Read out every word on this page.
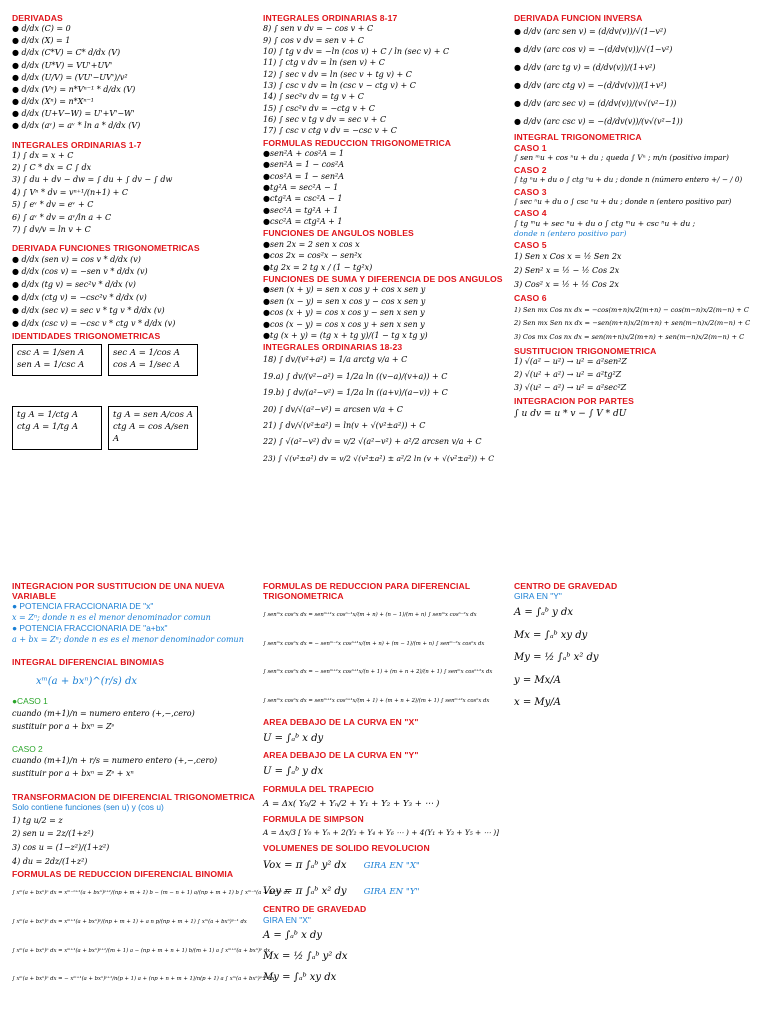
DERIVADAS
● d/dx (C) = 0
● d/dx (X) = 1
● d/dx (C*V) = C* d/dx (V)
● d/dx (U*V) = VU'+UV'
● d/dx (U/V) = (VU'−UV')/v²
● d/dx (Vⁿ) = n*Vⁿ⁻¹ * d/dx (V)
● d/dx (Xⁿ) = n*Xⁿ⁻¹
● d/dx (U+V−W) = U'+V'−W'
● d/dx (aᵛ) = aᵛ * ln a * d/dx (V)
INTEGRALES ORDINARIAS 1-7
1) ∫ dx = x + C
2) ∫ C * dx = C ∫ dx
3) ∫ du + dv − dw = ∫ du + ∫ dv − ∫ dw
4) ∫ Vⁿ * dv = vⁿ⁺¹/(n+1) + C
5) ∫ eᵛ * dv = eᵛ + C
6) ∫ aᵛ * dv = aᵛ/ln a + C
7) ∫ dv/v = ln v + C
DERIVADA FUNCIONES TRIGONOMETRICAS
● d/dx (sen v) = cos v * d/dx (v)
● d/dx (cos v) = −sen v * d/dx (v)
● d/dx (tg v) = sec²v * d/dx (v)
● d/dx (ctg v) = −csc²v * d/dx (v)
● d/dx (sec v) = sec v * tg v * d/dx (v)
● d/dx (csc v) = −csc v * ctg v * d/dx (v)
IDENTIDADES TRIGONOMETRICAS
csc A = 1/sen A
sen A = 1/csc A
sec A = 1/cos A
cos A = 1/sec A
tg A = 1/ctg A
ctg A = 1/tg A
tg A = sen A/cos A
ctg A = cos A/sen A
INTEGRALES ORDINARIAS 8-17
8) ∫ sen v dv = − cos v + C
9) ∫ cos v dv = sen v + C
10) ∫ tg v dv = −ln (cos v) + C / ln (sec v) + C
11) ∫ ctg v dv = ln (sen v) + C
12) ∫ sec v dv = ln (sec v + tg v) + C
13) ∫ csc v dv = ln (csc v − ctg v) + C
14) ∫ sec²v dv = tg v + C
15) ∫ csc²v dv = −ctg v + C
16) ∫ sec v tg v dv = sec v + C
17) ∫ csc v ctg v dv = −csc v + C
FORMULAS REDUCCION TRIGONOMETRICA
●sen²A + cos²A = 1
●sen²A = 1 − cos²A
●cos²A = 1 − sen²A
●tg²A = sec²A − 1
●ctg²A = csc²A − 1
●sec²A = tg²A + 1
●csc²A = ctg²A + 1
FUNCIONES DE ANGULOS NOBLES
●sen 2x = 2 sen x cos x
●cos 2x = cos²x − sen²x
●tg 2x = 2 tg x / (1 − tg²x)
FUNCIONES DE SUMA Y DIFERENCIA DE DOS ANGULOS
●sen (x + y) = sen x cos y + cos x sen y
●sen (x − y) = sen x cos y − cos x sen y
●cos (x + y) = cos x cos y − sen x sen y
●cos (x − y) = cos x cos y + sen x sen y
●tg (x + y) = (tg x + tg y)/(1 − tg x tg y)
INTEGRALES ORDINARIAS 18-23
18) ∫ dv/(v²+a²) = 1/a arctg v/a + C
19.a) ∫ dv/(v²−a²) = 1/2a ln ((v−a)/(v+a)) + C
19.b) ∫ dv/(a²−v²) = 1/2a ln ((a+v)/(a−v)) + C
20) ∫ dv/√(a²−v²) = arcsen v/a + C
21) ∫ dv/√(v²±a²) = ln(v + √(v²±a²)) + C
22) ∫ √(a²−v²) dv = v/2 √(a²−v²) + a²/2 arcsen v/a + C
23) ∫ √(v²±a²) dv = v/2 √(v²±a²) ± a²/2 ln (v + √(v²±a²)) + C
DERIVADA FUNCION INVERSA
● d/dv (arc sen v) = (d/dv(v))/√(1−v²)
● d/dv (arc cos v) = −(d/dv(v))/√(1−v²)
● d/dv (arc tg v) = (d/dv(v))/(1+v²)
● d/dv (arc ctg v) = −(d/dv(v))/(1+v²)
● d/dv (arc sec v) = (d/dv(v))/(v√(v²−1))
● d/dv (arc csc v) = −(d/dv(v))/(v√(v²−1))
INTEGRAL TRIGONOMETRICA
CASO 1
∫ sen ᵐu + cos ⁿu + du ; queda ∫ Vⁿ ; m/n (positivo impar)
CASO 2
∫ tg ⁿu + du o ∫ ctg ⁿu + du ; donde n (número entero +/ − / 0)
CASO 3
∫ sec ⁿu + du o ∫ csc ⁿu + du ; donde n (entero positivo par)
CASO 4
∫ tg ᵐu + sec ⁿu + du o ∫ ctg ᵐu + csc ⁿu + du ;
donde n (entero positivo par)
CASO 5
1) Sen x Cos x = ½ Sen 2x
2) Sen² x = ½ − ½ Cos 2x
3) Cos² x = ½ + ½ Cos 2x
CASO 6
1) Sen mx Cos nx dx = −cos(m+n)x/2(m+n) − cos(m−n)x/2(m−n) + C
2) Sen mx Sen nx dx = −sen(m+n)x/2(m+n) + sen(m−n)x/2(m−n) + C
3) Cos mx Cos nx dx = sen(m+n)x/2(m+n) + sen(m−n)x/2(m−n) + C
SUSTITUCION TRIGONOMETRICA
1) √(a² − u²) → u² = a²sen²Z
2) √(u² + a²) → u² = a²tg²Z
3) √(u² − a²) → u² = a²sec²Z
INTEGRACION POR PARTES
∫ u dv = u * v − ∫ V * dU
INTEGRACION POR SUSTITUCION DE UNA NUEVA VARIABLE
● POTENCIA FRACCIONARIA DE "x"
x = Zⁿ; donde n es el menor denominador comun
● POTENCIA FRACCIONARIA DE "a+bx"
a + bx = Zⁿ; donde n es es el menor denominador comun
INTEGRAL DIFERENCIAL BINOMIAS
xᵐ(a + bxⁿ)^(r/s) dx
●CASO 1
cuando (m+1)/n = numero entero (+,−,cero)
sustituir por a + bxⁿ = Zˢ
CASO 2
cuando (m+1)/n + r/s = numero entero (+,−,cero)
sustituir por a + bxⁿ = Zˢ + xⁿ
TRANSFORMACION DE DIFERENCIAL TRIGONOMETRICA
Solo contiene funciones (sen u) y (cos u)
1) tg u/2 = z
2) sen u = 2z/(1+z²)
3) cos u = (1−z²)/(1+z²)
4) du = 2dz/(1+z²)
FORMULAS DE REDUCCION DIFERENCIAL BINOMIA
∫ xᵐ(a + bxⁿ)ᵖ dx = xᵐ⁻ⁿ⁺¹(a + bxⁿ)ᵖ⁺¹/(np + m + 1) b − (m − n + 1) a/(np + m + 1) b ∫ xᵐ⁻ⁿ(a + bxⁿ)ᵖ dx
∫ xᵐ(a + bxⁿ)ᵖ dx = xᵐ⁺¹(a + bxⁿ)ᵖ/(np + m + 1) + a n p/(np + m + 1) ∫ xᵐ(a + bxⁿ)ᵖ⁻¹ dx
∫ xᵐ(a + bxⁿ)ᵖ dx = xᵐ⁺¹(a + bxⁿ)ᵖ⁺¹/(m + 1) a − (np + m + n + 1) b/(m + 1) a ∫ xᵐ⁺ⁿ(a + bxⁿ)ᵖ dx
∫ xᵐ(a + bxⁿ)ᵖ dx = − xᵐ⁺¹(a + bxⁿ)ᵖ⁺¹/n(p + 1) a + (np + n + m + 1)/n(p + 1) a ∫ xᵐ(a + bxⁿ)ᵖ⁺¹ dx
FORMULAS DE REDUCCION PARA DIFERENCIAL TRIGONOMETRICA
∫ senᵐx cosⁿx dx = senᵐ⁺¹x cosⁿ⁻¹x/(m + n) + (n − 1)/(m + n) ∫ senᵐx cosⁿ⁻²x dx
∫ senᵐx cosⁿx dx = − senᵐ⁻¹x cosⁿ⁺¹x/(m + n) + (m − 1)/(m + n) ∫ senᵐ⁻²x cosⁿx dx
∫ senᵐx cosⁿx dx = − senᵐ⁺¹x cosⁿ⁺¹x/(n + 1) + (m + n + 2)/(n + 1) ∫ senᵐx cosⁿ⁺²x dx
∫ senᵐx cosⁿx dx = senᵐ⁺¹x cosⁿ⁺¹x/(m + 1) + (m + n + 2)/(m + 1) ∫ senᵐ⁺²x cosⁿx dx
AREA DEBAJO DE LA CURVA EN "X"
U = ∫ₐᵇ x dy
AREA DEBAJO DE LA CURVA EN "Y"
U = ∫ₐᵇ y dx
FORMULA DEL TRAPECIO
A = Δx( Y₀/2 + Yₙ/2 + Y₁ + Y₂ + Y₃ + ⋯ )
FORMULA DE SIMPSON
A = Δx/3 [ Y₀ + Yₙ + 2(Y₂ + Y₄ + Y₆ ⋯ ) + 4(Y₁ + Y₃ + Y₅ + ⋯ )]
VOLUMENES DE SOLIDO REVOLUCION
Vox = π ∫ₐᵇ y² dx GIRA EN "X"
Voy = π ∫ₐᵇ x² dy GIRA EN "Y"
CENTRO DE GRAVEDAD
GIRA EN "X"
A = ∫ₐᵇ x dy
Mx = ½ ∫ₐᵇ y² dx
My = ∫ₐᵇ xy dx
CENTRO DE GRAVEDAD
GIRA EN "Y"
A = ∫ₐᵇ y dx
Mx = ∫ₐᵇ xy dy
My = ½ ∫ₐᵇ x² dy
y = Mx/A
x = My/A
